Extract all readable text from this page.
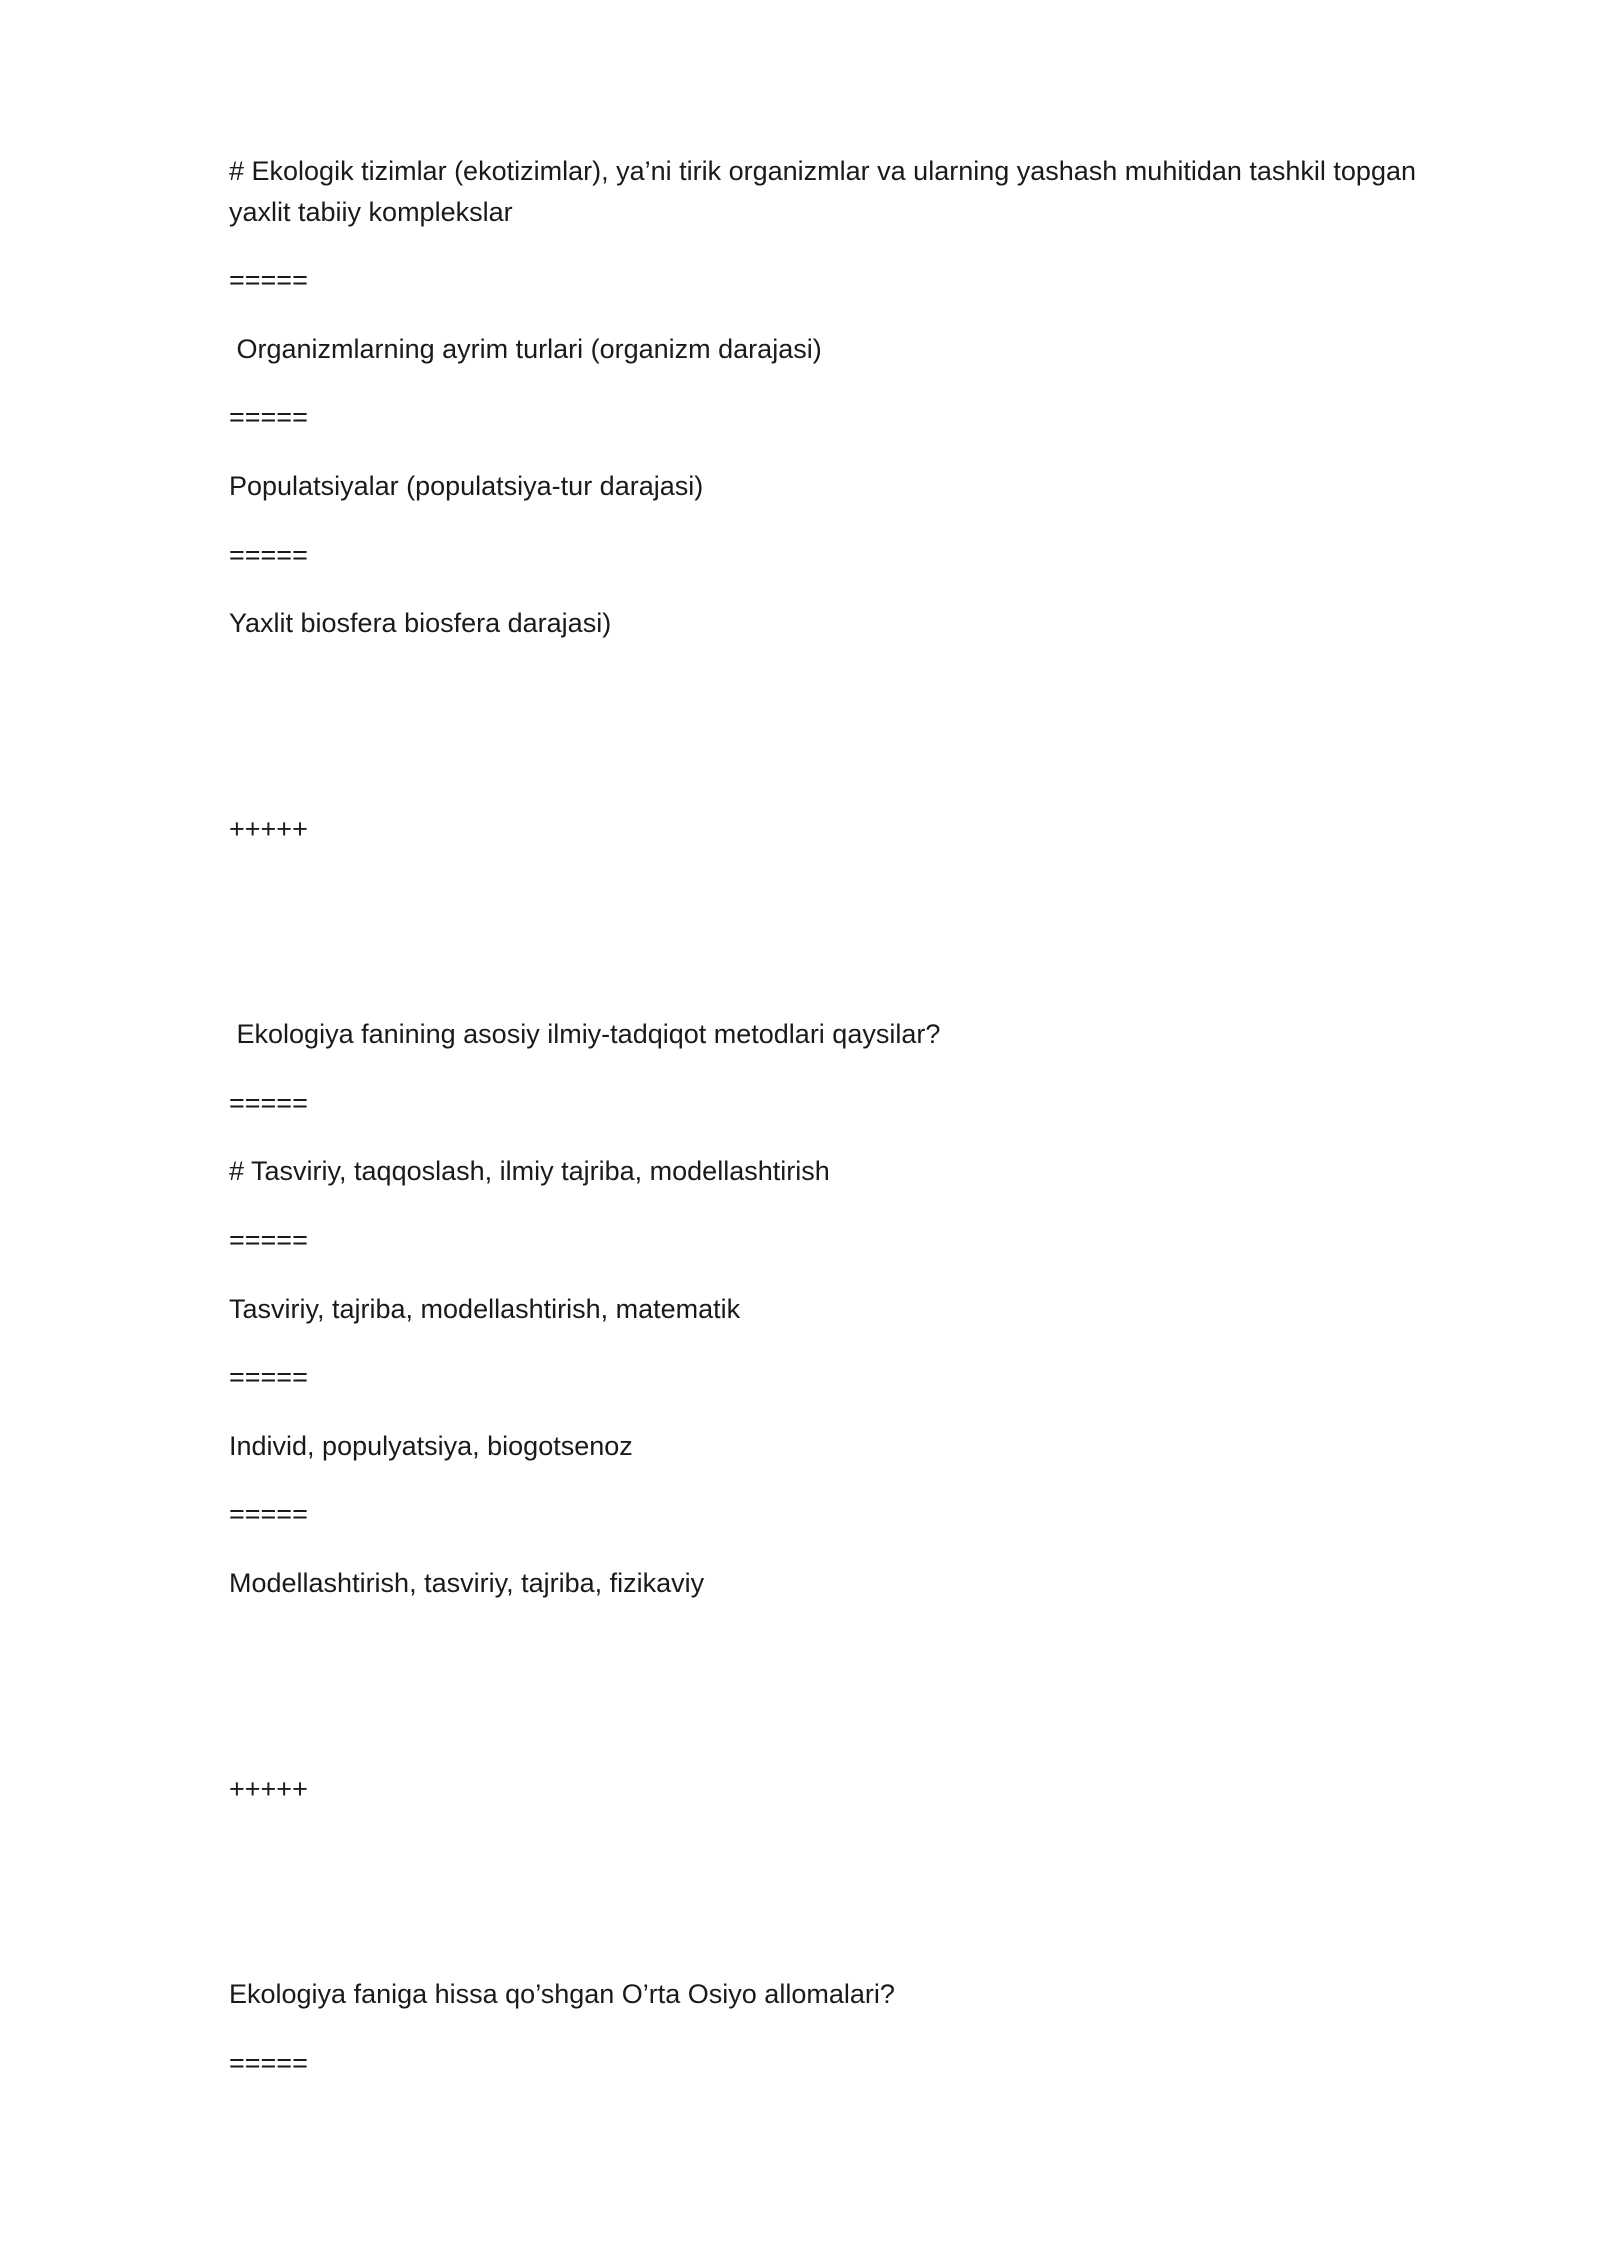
# Ekologik tizimlar (ekotizimlar), ya’ni tirik organizmlar va ularning yashash muhitidan tashkil topgan yaxlit tabiiy komplekslar

=====

Organizmlarning ayrim turlari (organizm darajasi)

=====

Populatsiyalar (populatsiya-tur darajasi)

=====

Yaxlit biosfera biosfera darajasi)

+++++

Ekologiya fanining asosiy ilmiy-tadqiqot metodlari qaysilar?

=====

# Tasviriy, taqqoslash, ilmiy tajriba, modellashtirish

=====

Tasviriy, tajriba, modellashtirish, matematik

=====

Individ, populyatsiya, biogotsenoz

=====

Modellashtirish, tasviriy, tajriba, fizikaviy

+++++

Ekologiya faniga hissa qo’shgan O’rta Osiyo allomalari?

=====
